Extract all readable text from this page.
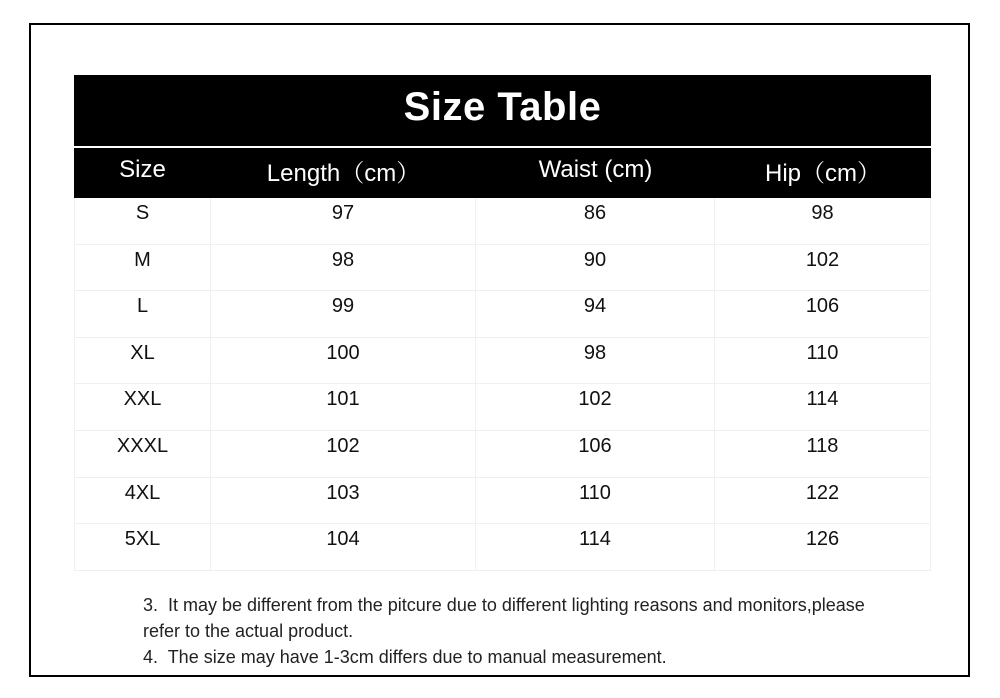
Size Table
Size	Length（cm）	Waist (cm)	Hip（cm）
S	97	86	98
M	98	90	102
L	99	94	106
XL	100	98	110
XXL	101	102	114
XXXL	102	106	118
4XL	103	110	122
5XL	104	114	126
3.  It may be different from the pitcure due to different lighting reasons and monitors,please
refer to the actual product.
4.  The size may have 1-3cm differs due to manual measurement.
